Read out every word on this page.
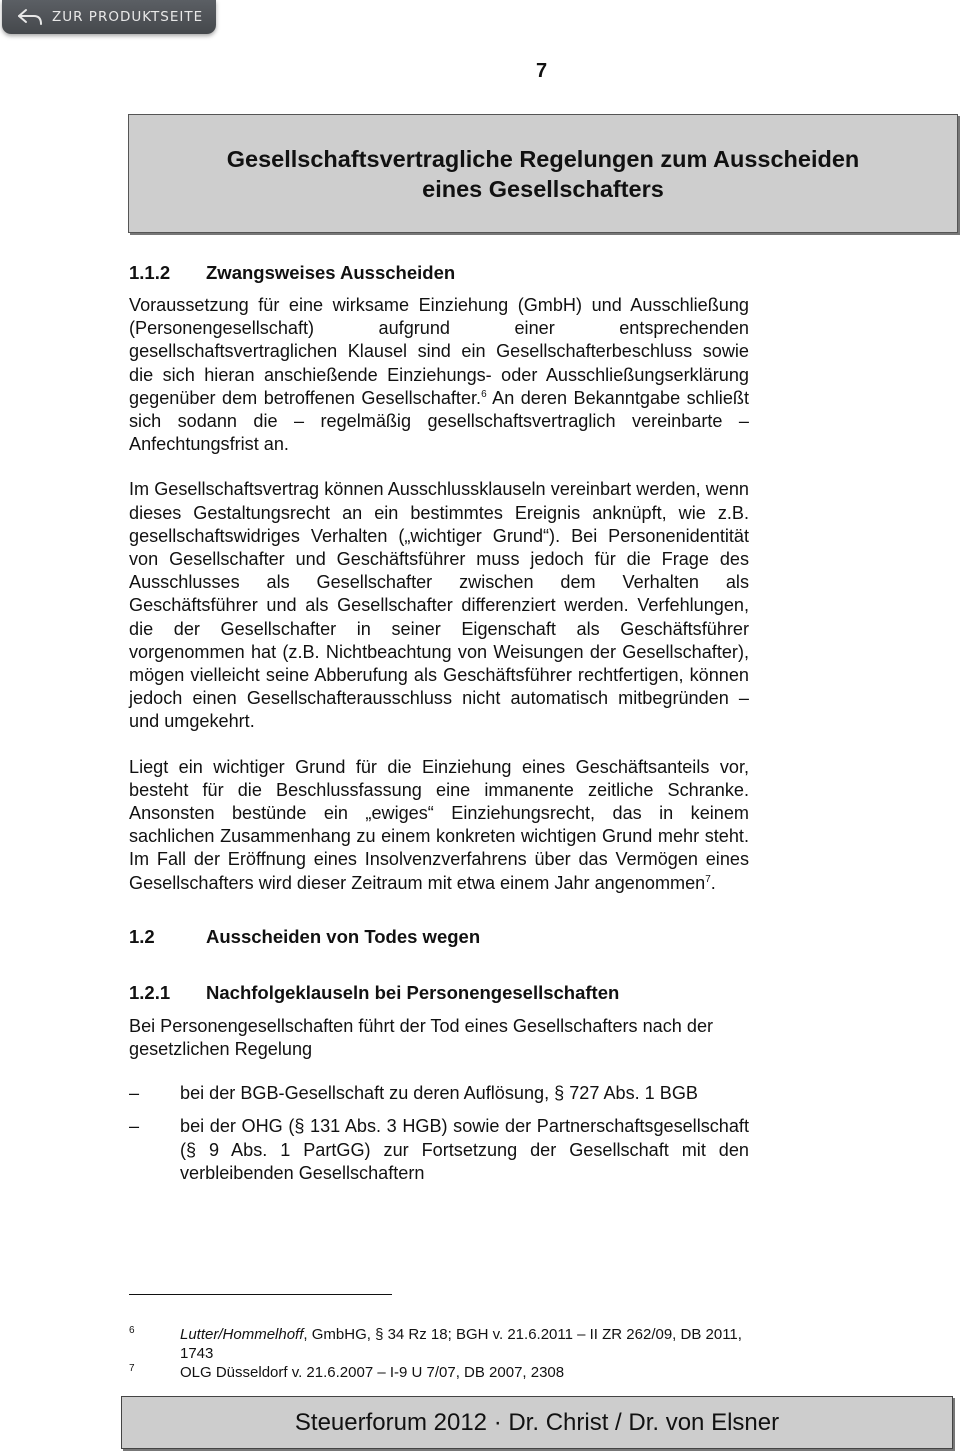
ZUR PRODUKTSEITE
7
Gesellschaftsvertragliche Regelungen zum Ausscheiden
eines Gesellschafters
1.1.2	Zwangsweises Ausscheiden

Voraussetzung für eine wirksame Einziehung (GmbH) und Ausschließung (Personengesellschaft) aufgrund einer entsprechenden gesellschaftsvertraglichen Klausel sind ein Gesellschafterbeschluss sowie die sich hieran anschießende Einziehungs- oder Ausschließungserklärung gegenüber dem betroffenen Gesellschafter.$^6$ An deren Bekanntgabe schließt sich sodann die – regelmäßig gesellschaftsvertraglich vereinbarte – Anfechtungsfrist an.

Im Gesellschaftsvertrag können Ausschlussklauseln vereinbart werden, wenn dieses Gestaltungsrecht an ein bestimmtes Ereignis anknüpft, wie z.B. gesellschaftswidriges Verhalten („wichtiger Grund“). Bei Personenidentität von Gesellschafter und Geschäftsführer muss jedoch für die Frage des Ausschlusses als Gesellschafter zwischen dem Verhalten als Geschäftsführer und als Gesellschafter differenziert werden. Verfehlungen, die der Gesellschafter in seiner Eigenschaft als Geschäftsführer vorgenommen hat (z.B. Nichtbeachtung von Weisungen der Gesellschafter), mögen vielleicht seine Abberufung als Geschäftsführer rechtfertigen, können jedoch einen Gesellschafterausschluss nicht automatisch mitbegründen – und umgekehrt.

Liegt ein wichtiger Grund für die Einziehung eines Geschäftsanteils vor, besteht für die Beschlussfassung eine immanente zeitliche Schranke. Ansonsten bestünde ein „ewiges“ Einziehungsrecht, das in keinem sachlichen Zusammenhang zu einem konkreten wichtigen Grund mehr steht. Im Fall der Eröffnung eines Insolvenzverfahrens über das Vermögen eines Gesellschafters wird dieser Zeitraum mit etwa einem Jahr angenommen$^7$.

1.2	Ausscheiden von Todes wegen
1.2.1	Nachfolgeklauseln bei Personengesellschaften

Bei Personengesellschaften führt der Tod eines Gesellschafters nach der gesetzlichen Regelung

–	bei der BGB-Gesellschaft zu deren Auflösung, § 727 Abs. 1 BGB
–	bei der OHG (§ 131 Abs. 3 HGB) sowie der Partnerschaftsgesellschaft (§ 9 Abs. 1 PartGG) zur Fortsetzung der Gesellschaft mit den verbleibenden Gesellschaftern
6	Lutter/Hommelhoff, GmbHG, § 34 Rz 18; BGH v. 21.6.2011 – II ZR 262/09, DB 2011, 1743
7	OLG Düsseldorf v. 21.6.2007 – I-9 U 7/07, DB 2007, 2308
Steuerforum 2012 · Dr. Christ / Dr. von Elsner
